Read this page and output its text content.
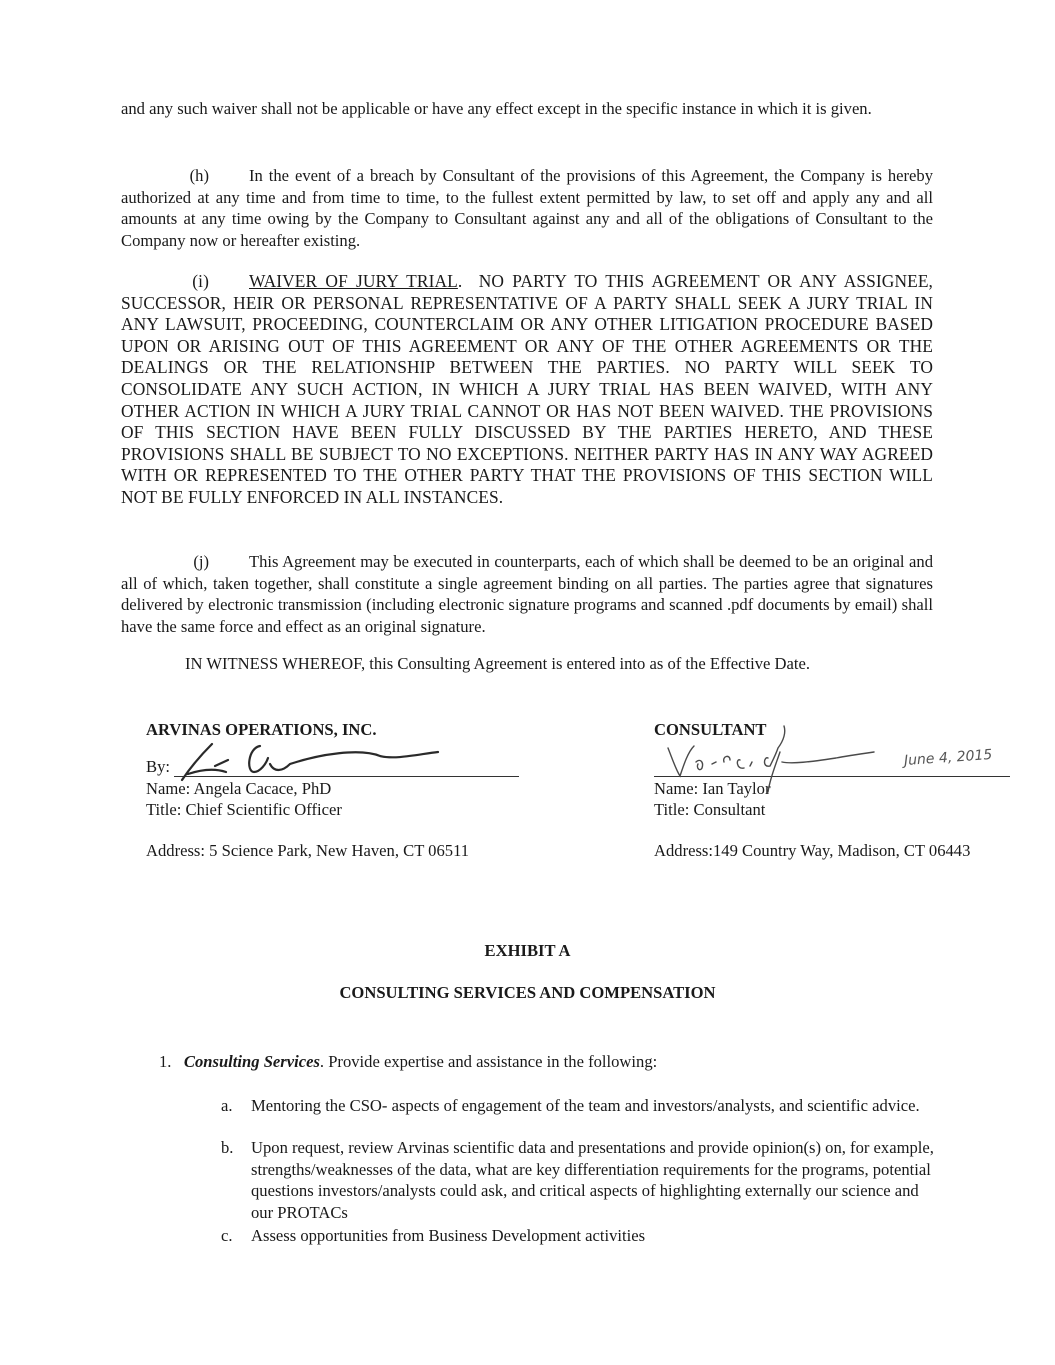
and any such waiver shall not be applicable or have any effect except in the specific instance in which it is given.
(h) In the event of a breach by Consultant of the provisions of this Agreement, the Company is hereby authorized at any time and from time to time, to the fullest extent permitted by law, to set off and apply any and all amounts at any time owing by the Company to Consultant against any and all of the obligations of Consultant to the Company now or hereafter existing.
(i) WAIVER OF JURY TRIAL.  NO PARTY TO THIS AGREEMENT OR ANY ASSIGNEE, SUCCESSOR, HEIR OR PERSONAL REPRESENTATIVE OF A PARTY SHALL SEEK A JURY TRIAL IN ANY LAWSUIT, PROCEEDING, COUNTERCLAIM OR ANY OTHER LITIGATION PROCEDURE BASED UPON OR ARISING OUT OF THIS AGREEMENT OR ANY OF THE OTHER AGREEMENTS OR THE DEALINGS OR THE RELATIONSHIP BETWEEN THE PARTIES. NO PARTY WILL SEEK TO CONSOLIDATE ANY SUCH ACTION, IN WHICH A JURY TRIAL HAS BEEN WAIVED, WITH ANY OTHER ACTION IN WHICH A JURY TRIAL CANNOT OR HAS NOT BEEN WAIVED. THE PROVISIONS OF THIS SECTION HAVE BEEN FULLY DISCUSSED BY THE PARTIES HERETO, AND THESE PROVISIONS SHALL BE SUBJECT TO NO EXCEPTIONS. NEITHER PARTY HAS IN ANY WAY AGREED WITH OR REPRESENTED TO THE OTHER PARTY THAT THE PROVISIONS OF THIS SECTION WILL NOT BE FULLY ENFORCED IN ALL INSTANCES.
(j) This Agreement may be executed in counterparts, each of which shall be deemed to be an original and all of which, taken together, shall constitute a single agreement binding on all parties. The parties agree that signatures delivered by electronic transmission (including electronic signature programs and scanned .pdf documents by email) shall have the same force and effect as an original signature.
IN WITNESS WHEREOF, this Consulting Agreement is entered into as of the Effective Date.
ARVINAS OPERATIONS, INC.
By:
Name: Angela Cacace, PhD
Title: Chief Scientific Officer
Address: 5 Science Park, New Haven, CT 06511
CONSULTANT
Name: Ian Taylor
Title: Consultant
Address:149 Country Way, Madison, CT 06443
June 4, 2015
EXHIBIT A
CONSULTING SERVICES AND COMPENSATION
1. Consulting Services. Provide expertise and assistance in the following:
a.	Mentoring the CSO- aspects of engagement of the team and investors/analysts, and scientific advice.
b.	Upon request, review Arvinas scientific data and presentations and provide opinion(s) on, for example, strengths/weaknesses of the data, what are key differentiation requirements for the programs, potential questions investors/analysts could ask, and critical aspects of highlighting externally our science and our PROTACs
c.	Assess opportunities from Business Development activities
